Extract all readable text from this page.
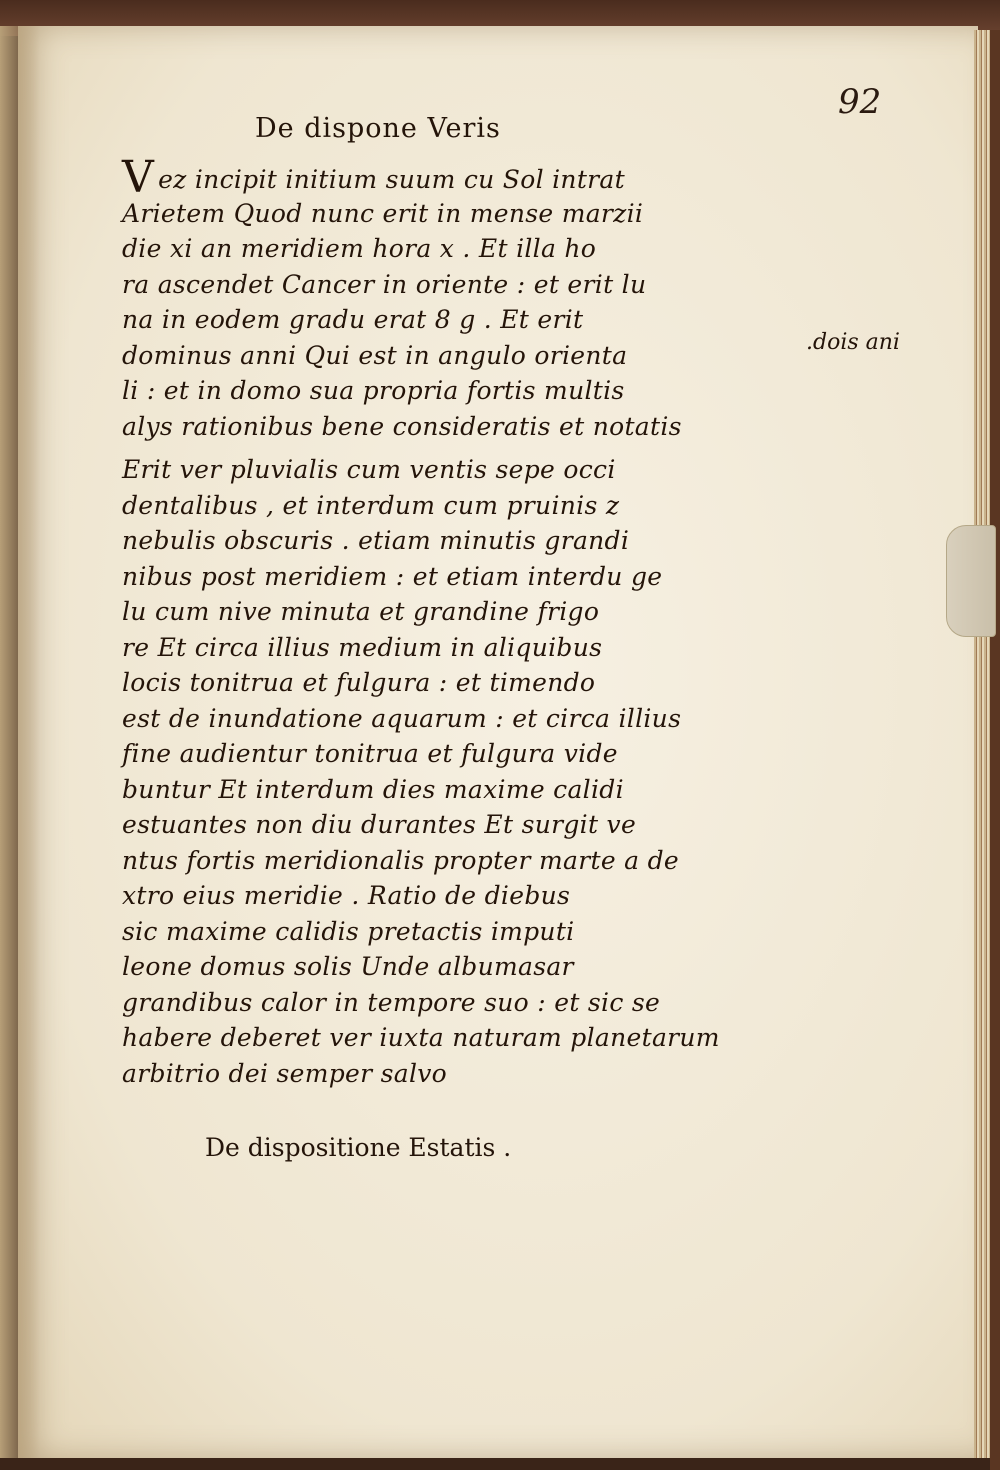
92
De dispone Veris
.dois ani
Vez incipit initium suum cu Sol intrat
Arietem Quod nunc erit in mense marzii
die xi an meridiem hora x . Et illa ho
ra ascendet Cancer in oriente : et erit lu
na in eodem gradu erat 8 g . Et erit
dominus anni Qui est in angulo orienta
li : et in domo sua propria fortis multis
alys rationibus bene consideratis et notatis
Erit ver pluvialis cum ventis sepe occi
dentalibus , et interdum cum pruinis z
nebulis obscuris . etiam minutis grandi
nibus post meridiem : et etiam interdu ge
lu cum nive minuta et grandine frigo
re Et circa illius medium in aliquibus
locis tonitrua et fulgura : et timendo
est de inundatione aquarum : et circa illius
fine audientur tonitrua et fulgura vide
buntur Et interdum dies maxime calidi
estuantes non diu durantes Et surgit ve
ntus fortis meridionalis propter marte a de
xtro eius meridie . Ratio de diebus
sic maxime calidis pretactis imputi
leone domus solis Unde albumasar
grandibus calor in tempore suo : et sic se
habere deberet ver iuxta naturam planetarum
arbitrio dei semper salvo
De dispositione Estatis .
